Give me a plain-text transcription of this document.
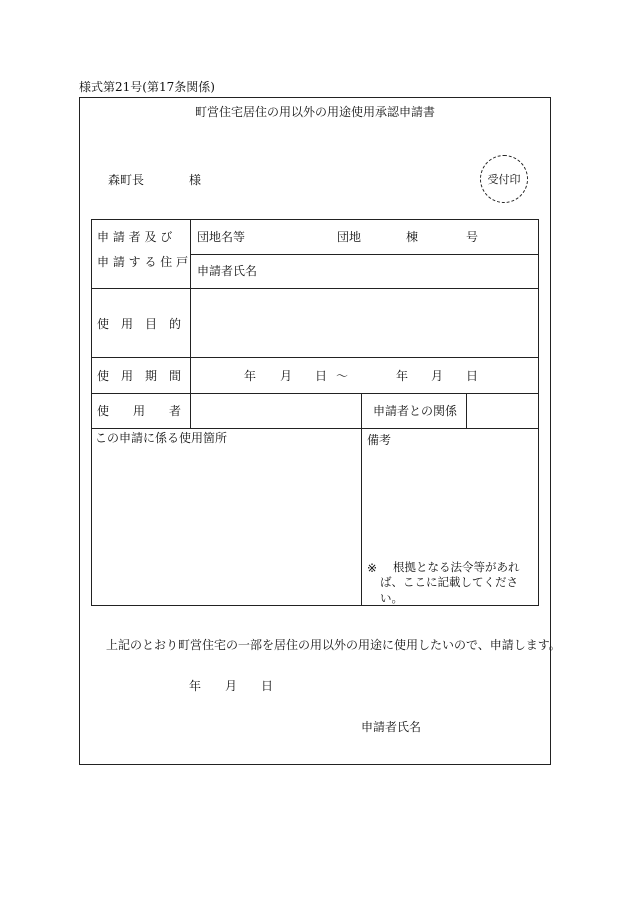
様式第21号(第17条関係)
町営住宅居住の用以外の用途使用承認申請書
森町長	様	受付印
申 請 者 及 び
申 請 す る 住 戸
団地名等	団地	棟	号
申請者氏名
使　用　目　的
使　用　期　間	年 月 日 ～	年 月 日
使　　用　　者	申請者との関係
この申請に係る使用箇所	備考
※ 根拠となる法令等があれ
ば、ここに記載してくださ
い。
上記のとおり町営住宅の一部を居住の用以外の用途に使用したいので、申請します。
年 月 日
申請者氏名
